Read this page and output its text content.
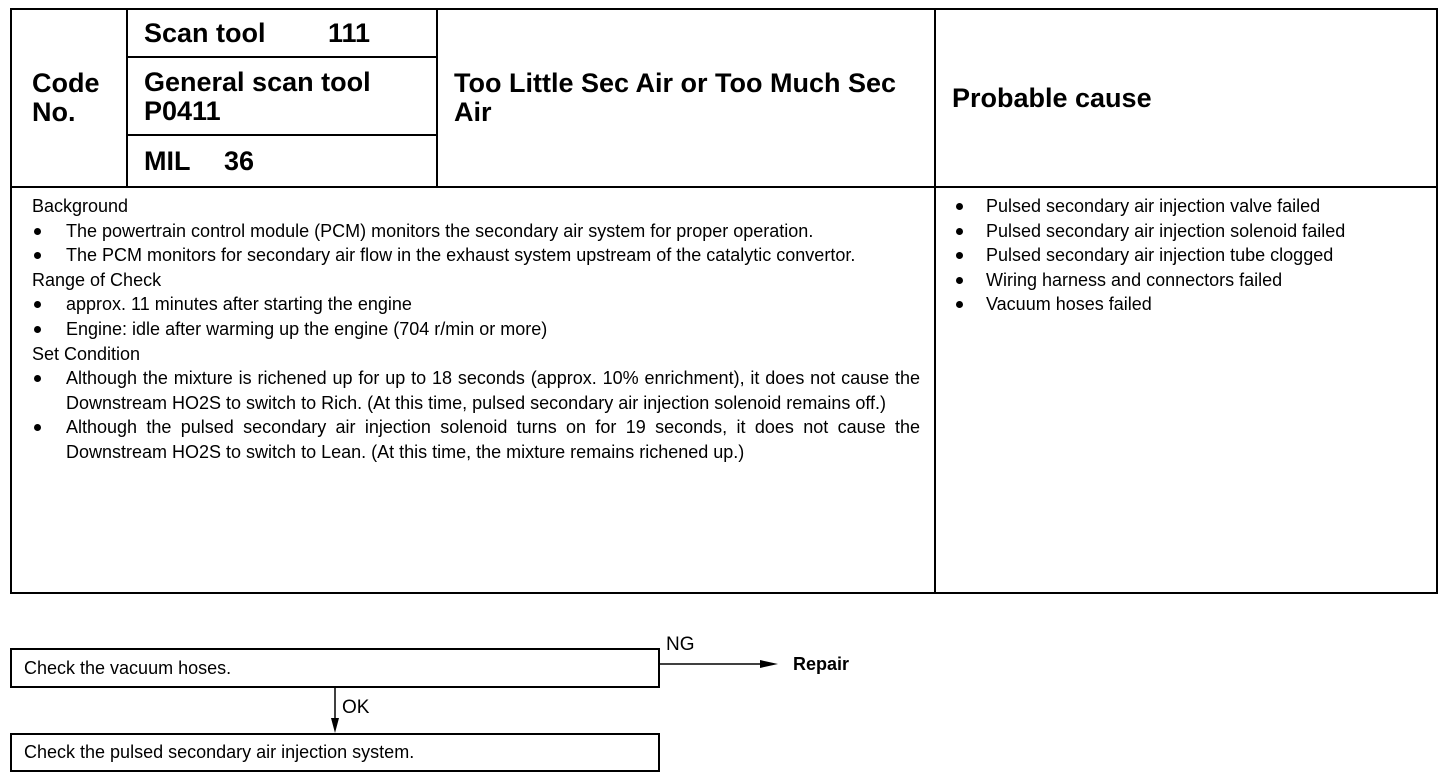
Code
No.
Scan tool 111
General scan tool
P0411
MIL 36
Too Little Sec Air or Too Much Sec Air	Probable cause
Background
The powertrain control module (PCM) monitors the secondary air system for proper operation.
The PCM monitors for secondary air flow in the exhaust system upstream of the catalytic convertor.
Range of Check
approx. 11 minutes after starting the engine
Engine: idle after warming up the engine (704 r/min or more)
Set Condition
Although the mixture is richened up for up to 18 seconds (approx. 10% enrichment), it does not cause the Downstream HO2S to switch to Rich. (At this time, pulsed secondary air injection solenoid remains off.)
Although the pulsed secondary air injection solenoid turns on for 19 seconds, it does not cause the Downstream HO2S to switch to Lean. (At this time, the mixture remains richened up.)
Pulsed secondary air injection valve failed
Pulsed secondary air injection solenoid failed
Pulsed secondary air injection tube clogged
Wiring harness and connectors failed
Vacuum hoses failed
Check the vacuum hoses.
NG
Repair
OK
Check the pulsed secondary air injection system.
